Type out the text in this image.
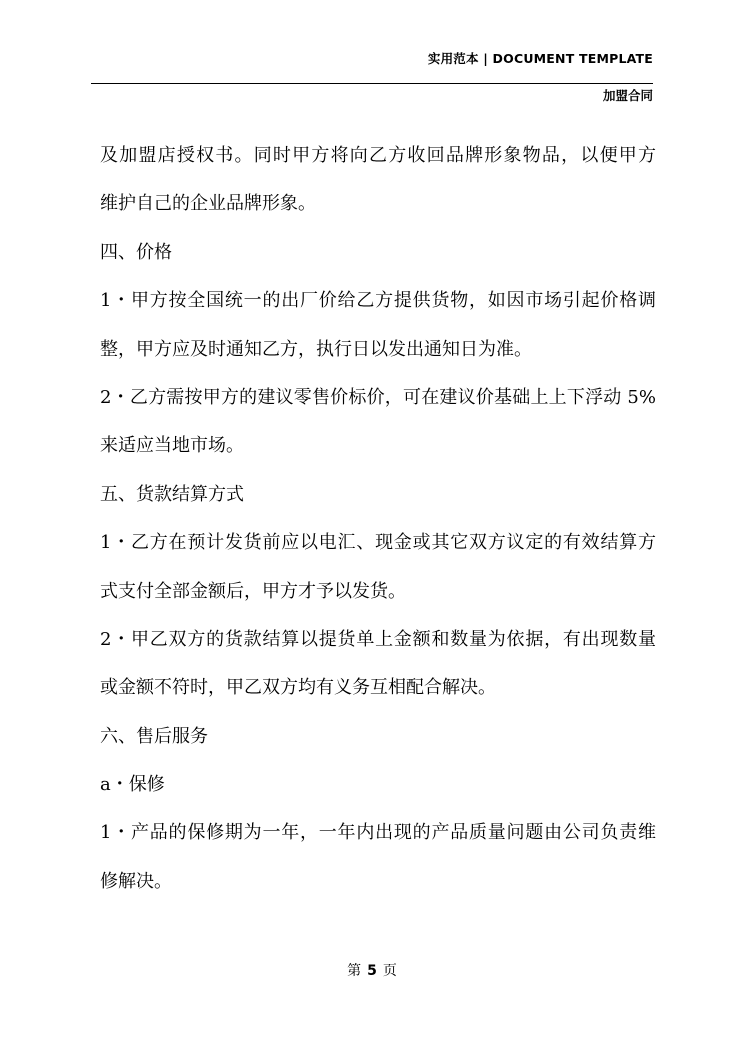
实用范本 | DOCUMENT TEMPLATE
加盟合同
及加盟店授权书。同时甲方将向乙方收回品牌形象物品，以便甲方
维护自己的企业品牌形象。
四、价格
1・甲方按全国统一的出厂价给乙方提供货物，如因市场引起价格调
整，甲方应及时通知乙方，执行日以发出通知日为准。
2・乙方需按甲方的建议零售价标价，可在建议价基础上上下浮动 5%
来适应当地市场。
五、货款结算方式
1・乙方在预计发货前应以电汇、现金或其它双方议定的有效结算方
式支付全部金额后，甲方才予以发货。
2・甲乙双方的货款结算以提货单上金额和数量为依据，有出现数量
或金额不符时，甲乙双方均有义务互相配合解决。
六、售后服务
a・保修
1・产品的保修期为一年，一年内出现的产品质量问题由公司负责维
修解决。
第 5 页
